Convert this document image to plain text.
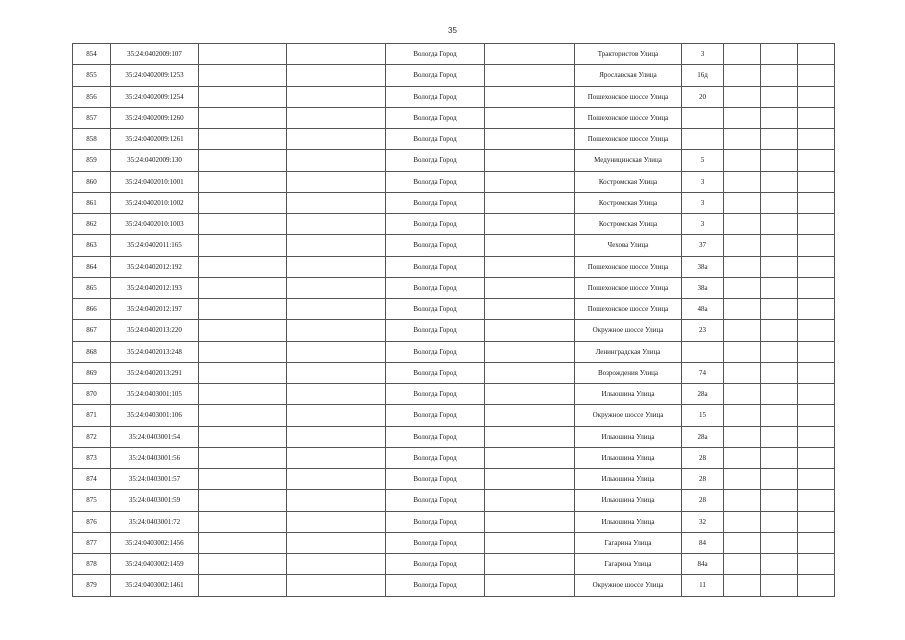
35
854	35:24:0402009:107			Вологда Город		Трактористов Улица	3			
855	35:24:0402009:1253			Вологда Город		Ярославская Улица	16д			
856	35:24:0402009:1254			Вологда Город		Пошехонское шоссе Улица	20			
857	35:24:0402009:1260			Вологда Город		Пошехонское шоссе Улица				
858	35:24:0402009:1261			Вологда Город		Пошехонское шоссе Улица				
859	35:24:0402009:130			Вологда Город		Медуницинская Улица	5			
860	35:24:0402010:1001			Вологда Город		Костромская Улица	3			
861	35:24:0402010:1002			Вологда Город		Костромская Улица	3			
862	35:24:0402010:1003			Вологда Город		Костромская Улица	3			
863	35:24:0402011:165			Вологда Город		Чехова Улица	37			
864	35:24:0402012:192			Вологда Город		Пошехонское шоссе Улица	38а			
865	35:24:0402012:193			Вологда Город		Пошехонское шоссе Улица	38а			
866	35:24:0402012:197			Вологда Город		Пошехонское шоссе Улица	48а			
867	35:24:0402013:220			Вологда Город		Окружное шоссе Улица	23			
868	35:24:0402013:248			Вологда Город		Ленинградская Улица				
869	35:24:0402013:291			Вологда Город		Возрождения Улица	74			
870	35:24:0403001:105			Вологда Город		Ильюшина Улица	28а			
871	35:24:0403001:106			Вологда Город		Окружное шоссе Улица	15			
872	35:24:0403001:54			Вологда Город		Ильюшина Улица	28а			
873	35:24:0403001:56			Вологда Город		Ильюшина Улица	28			
874	35:24:0403001:57			Вологда Город		Ильюшина Улица	28			
875	35:24:0403001:59			Вологда Город		Ильюшина Улица	28			
876	35:24:0403001:72			Вологда Город		Ильюшина Улица	32			
877	35:24:0403002:1456			Вологда Город		Гагарина Улица	84			
878	35:24:0403002:1459			Вологда Город		Гагарина Улица	84а			
879	35:24:0403002:1461			Вологда Город		Окружное шоссе Улица	11			
